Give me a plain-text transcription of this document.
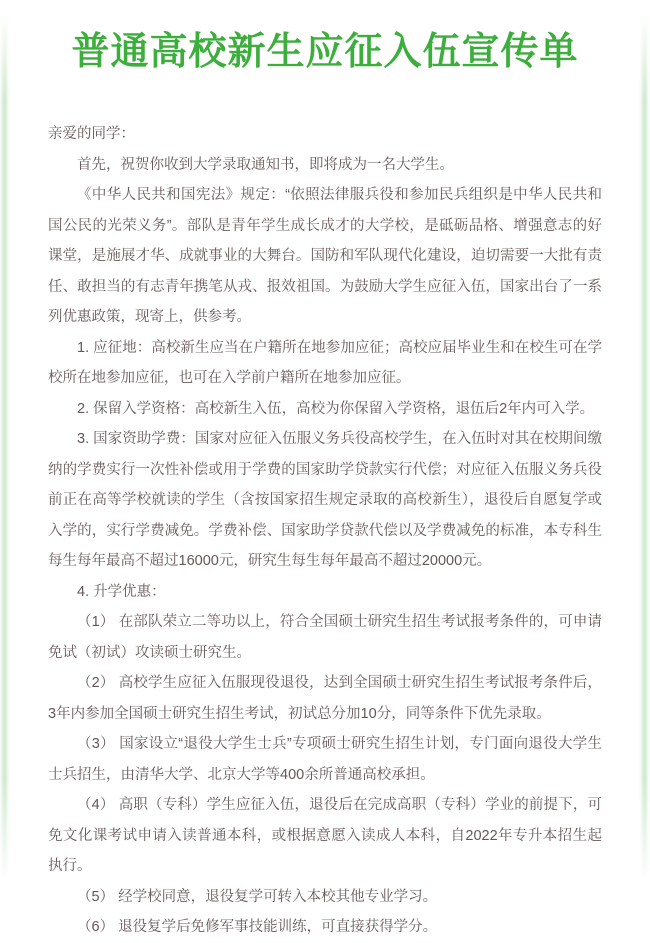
普通高校新生应征入伍宣传单

亲爱的同学：

首先，祝贺你收到大学录取通知书，即将成为一名大学生。

《中华人民共和国宪法》规定：“依照法律服兵役和参加民兵组织是中华人民共和国公民的光荣义务”。部队是青年学生成长成才的大学校，是砥砺品格、增强意志的好课堂，是施展才华、成就事业的大舞台。国防和军队现代化建设，迫切需要一大批有责任、敢担当的有志青年携笔从戎、报效祖国。为鼓励大学生应征入伍，国家出台了一系列优惠政策，现寄上，供参考。

1. 应征地：高校新生应当在户籍所在地参加应征；高校应届毕业生和在校生可在学校所在地参加应征，也可在入学前户籍所在地参加应征。

2. 保留入学资格：高校新生入伍，高校为你保留入学资格，退伍后2年内可入学。

3. 国家资助学费：国家对应征入伍服义务兵役高校学生，在入伍时对其在校期间缴纳的学费实行一次性补偿或用于学费的国家助学贷款实行代偿；对应征入伍服义务兵役前正在高等学校就读的学生（含按国家招生规定录取的高校新生），退役后自愿复学或入学的，实行学费减免。学费补偿、国家助学贷款代偿以及学费减免的标准，本专科生每生每年最高不超过16000元，研究生每生每年最高不超过20000元。

4. 升学优惠：

（1） 在部队荣立二等功以上，符合全国硕士研究生招生考试报考条件的，可申请免试（初试）攻读硕士研究生。

（2） 高校学生应征入伍服现役退役，达到全国硕士研究生招生考试报考条件后，3年内参加全国硕士研究生招生考试，初试总分加10分，同等条件下优先录取。

（3） 国家设立“退役大学生士兵”专项硕士研究生招生计划，专门面向退役大学生士兵招生，由清华大学、北京大学等400余所普通高校承担。

（4） 高职（专科）学生应征入伍，退役后在完成高职（专科）学业的前提下，可免文化课考试申请入读普通本科，或根据意愿入读成人本科，自2022年专升本招生起执行。

（5） 经学校同意，退役复学可转入本校其他专业学习。

（6） 退役复学后免修军事技能训练，可直接获得学分。
